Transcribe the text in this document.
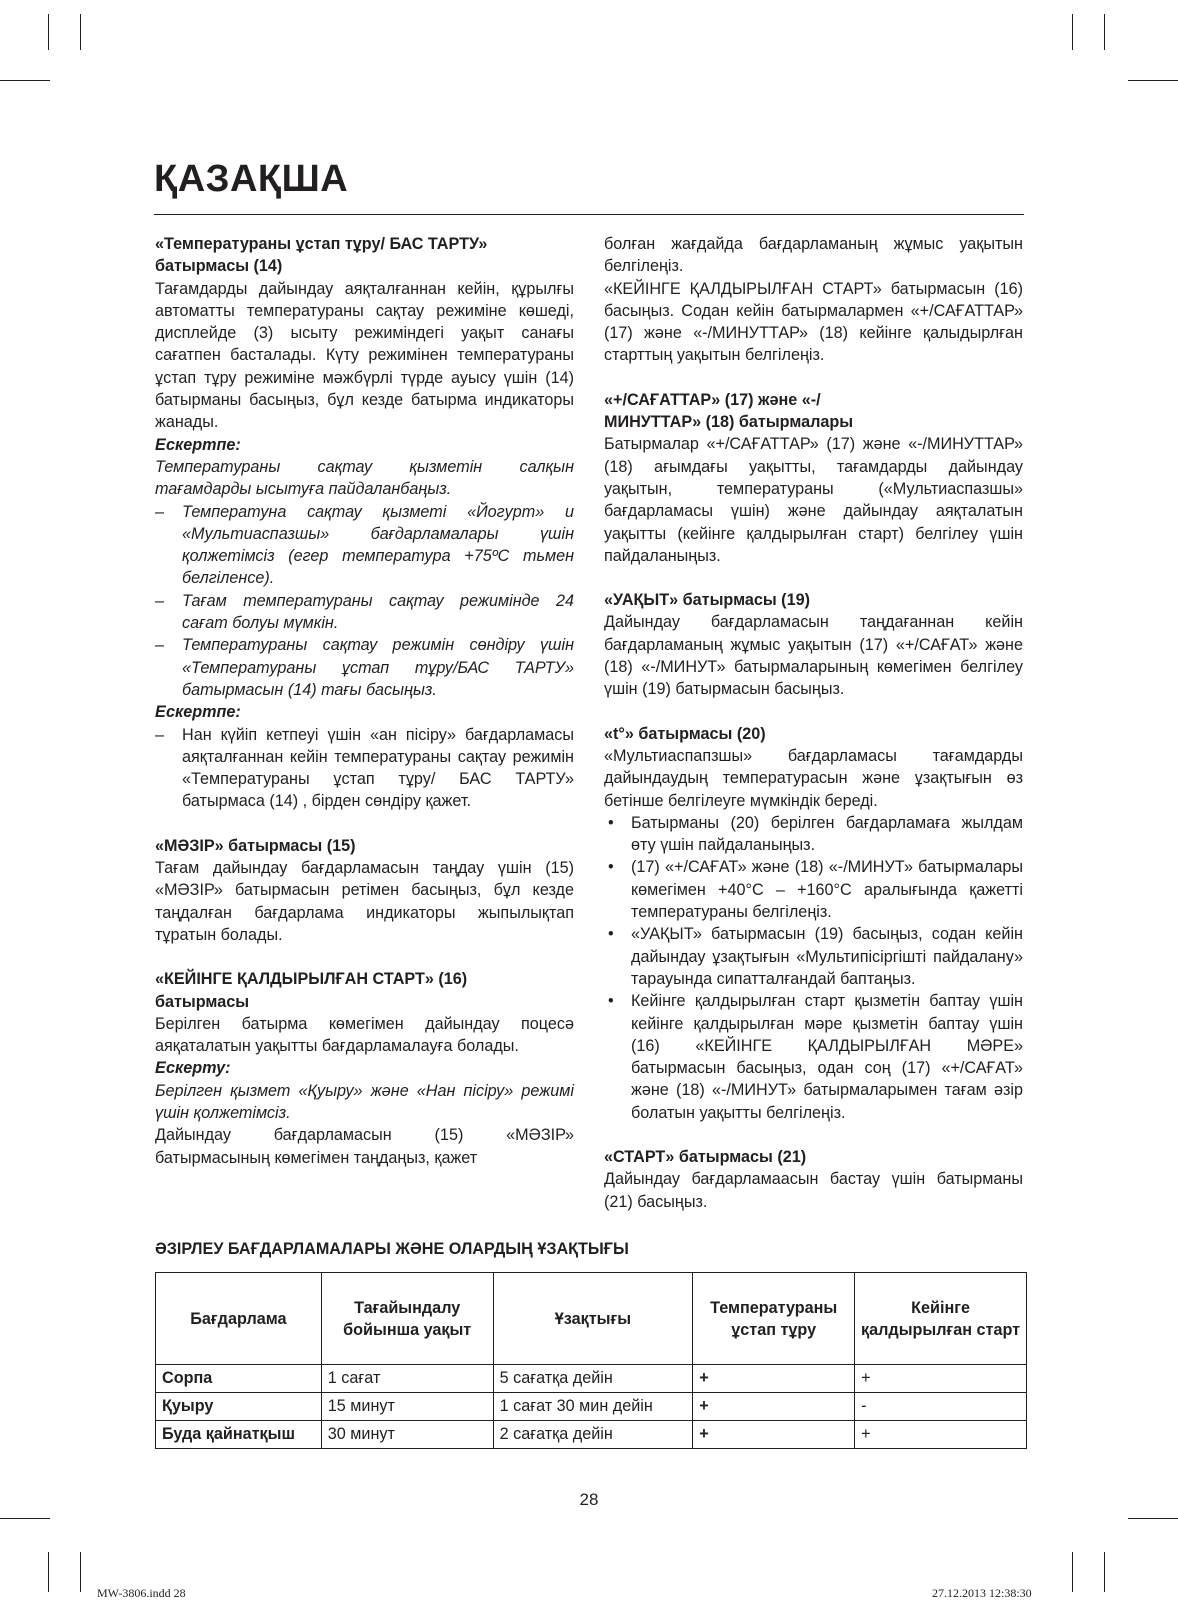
ҚАЗАҚША

«Температураны ұстап тұру/ БАС ТАРТУ» батырмасы (14)

Тағамдарды дайындау аяқталғаннан кейін, құрылғы автоматты температураны сақтау режиміне көшеді, дисплейде (3) ысыту режиміндегі уақыт санағы сағатпен басталады. Күту режимінен температураны ұстап тұру режиміне мәжбүрлі түрде ауысу үшін (14) батырманы басыңыз, бұл кезде батырма индикаторы жанады.

Ескертпе:

Температураны сақтау қызметін салқын тағамдарды ысытуға пайдаланбаңыз.

– Температуна сақтау қызметі «Йогурт» и «Мультиаспазшы» бағдарламалары үшін қолжетімсіз (егер температура +75ºC тьмен белгіленсе).

– Тағам температураны сақтау режимінде 24 сағат болуы мүмкін.

– Температураны сақтау режимін сөндіру үшін «Температураны ұстап тұру/БАС ТАРТУ» батырмасын (14) тағы басыңыз.

Ескертпе:

– Нан күйіп кетпеуі үшін «ан пісіру» бағдарламасы аяқталғаннан кейін температураны сақтау режимін «Температураны ұстап тұру/ БАС ТАРТУ» батырмаса (14) , бірден сөндіру қажет.

«МӘЗІР» батырмасы (15)

Тағам дайындау бағдарламасын таңдау үшін (15) «МӘЗІР» батырмасын ретімен басыңыз, бұл кезде таңдалған бағдарлама индикаторы жыпылықтап тұратын болады.

«КЕЙІНГЕ ҚАЛДЫРЫЛҒАН СТАРТ» (16)

батырмасы

Берілген батырма көмегімен дайындау поцесә аяқаталатын уақытты бағдарламалауға болады.

Ескерту:

Берілген қызмет «Қуыру» және «Нан пісіру» режимі үшін қолжетімсіз.

Дайындау бағдарламасын (15) «МӘЗІР» батырмасының көмегімен таңдаңыз, қажет

болған жағдайда бағдарламаның жұмыс уақытын белгілеңіз.

«КЕЙІНГЕ ҚАЛДЫРЫЛҒАН СТАРТ» батырмасын (16) басыңыз. Содан кейін батырмалармен «+/САҒАТТАР» (17) және «-/МИНУТТАР» (18) кейінге қалыдырлған старттың уақытын белгілеңіз.

«+/САҒАТТАР» (17) және «-/

МИНУТТАР» (18) батырмалары

Батырмалар «+/САҒАТТАР» (17) және «-/МИНУТТАР» (18) ағымдағы уақытты, тағамдарды дайындау уақытын, температураны («Мультиаспазшы» бағдарламасы үшін) және дайындау аяқталатын уақытты (кейінге қалдырылған старт) белгілеу үшін пайдаланыңыз.

«УАҚЫТ» батырмасы (19)

Дайындау бағдарламасын таңдағаннан кейін бағдарламаның жұмыс уақытын (17) «+/САҒАТ» және (18) «-/МИНУТ» батырмаларының көмегімен белгілеу үшін (19) батырмасын басыңыз.

«t°» батырмасы (20)

«Мультиаспапзшы» бағдарламасы тағамдарды дайындаудың температурасын және ұзақтығын өз бетінше белгілеуге мүмкіндік береді.

• Батырманы (20) берілген бағдарламаға жылдам өту үшін пайдаланыңыз.

• (17) «+/САҒАТ» және (18) «-/МИНУТ» батырмалары көмегімен +40°C – +160°C аралығында қажетті температураны белгілеңіз.

• «УАҚЫТ» батырмасын (19) басыңыз, содан кейін дайындау ұзақтығын «Мультипісіргішті пайдалану» тарауында сипатталғандай баптаңыз.

• Кейінге қалдырылған старт қызметін баптау үшін кейінге қалдырылған мәре қызметін баптау үшін (16) «КЕЙІНГЕ ҚАЛДЫРЫЛҒАН МӘРЕ» батырмасын басыңыз, одан соң (17) «+/САҒАТ» және (18) «-/МИНУТ» батырмаларымен тағам әзір болатын уақытты белгілеңіз.

«СТАРТ» батырмасы (21)

Дайындау бағдарламаасын бастау үшін батырманы (21) басыңыз.

ӘЗІРЛЕУ БАҒДАРЛАМАЛАРЫ ЖӘНЕ ОЛАРДЫҢ ҰЗАҚТЫҒЫ

Бағдарлама	Тағайындалу бойынша уақыт	Ұзақтығы	Температураны ұстап тұру	Кейінге қалдырылған старт
Сорпа	1 сағат	5 сағатқа дейін	+	+
Қуыру	15 минут	1 сағат 30 мин дейін	+	-
Буда қайнатқыш	30 минут	2 сағатқа дейін	+	+
28
MW-3806.indd 28	27.12.2013 12:38:30
